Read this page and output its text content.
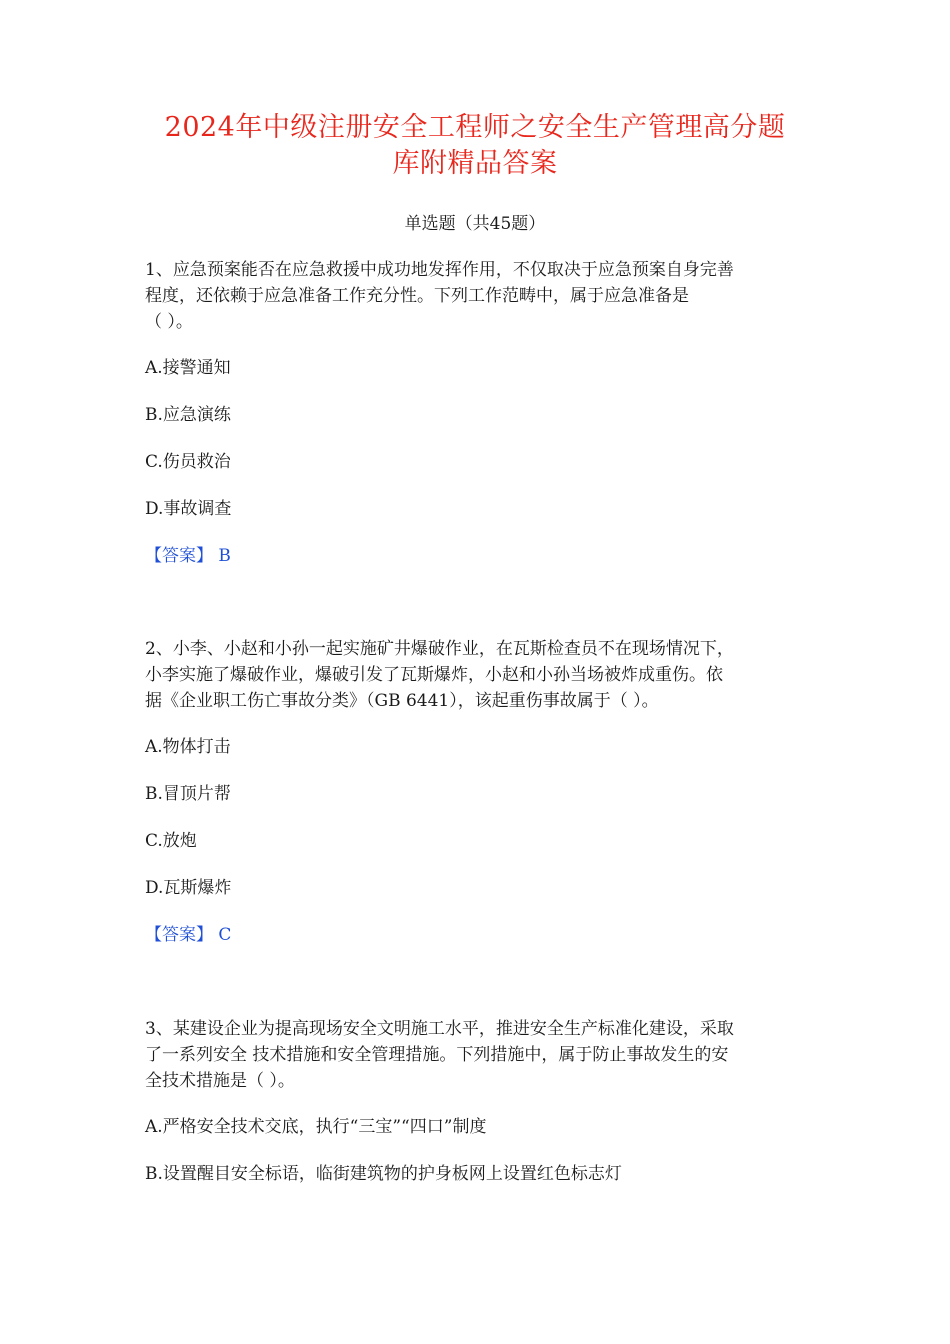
2024年中级注册安全工程师之安全生产管理高分题
库附精品答案
单选题（共45题）
1、应急预案能否在应急救援中成功地发挥作用，不仅取决于应急预案自身完善
程度，还依赖于应急准备工作充分性。下列工作范畴中，属于应急准备是
（ ）。
A.接警通知
B.应急演练
C.伤员救治
D.事故调查
【答案】 B
2、小李、小赵和小孙一起实施矿井爆破作业，在瓦斯检查员不在现场情况下，
小李实施了爆破作业，爆破引发了瓦斯爆炸，小赵和小孙当场被炸成重伤。依
据《企业职工伤亡事故分类》（GB 6441），该起重伤事故属于（ ）。
A.物体打击
B.冒顶片帮
C.放炮
D.瓦斯爆炸
【答案】 C
3、某建设企业为提高现场安全文明施工水平，推进安全生产标准化建设，采取
了一系列安全 技术措施和安全管理措施。下列措施中，属于防止事故发生的安
全技术措施是（ ）。
A.严格安全技术交底，执行“三宝”“四口”制度
B.设置醒目安全标语，临街建筑物的护身板网上设置红色标志灯
